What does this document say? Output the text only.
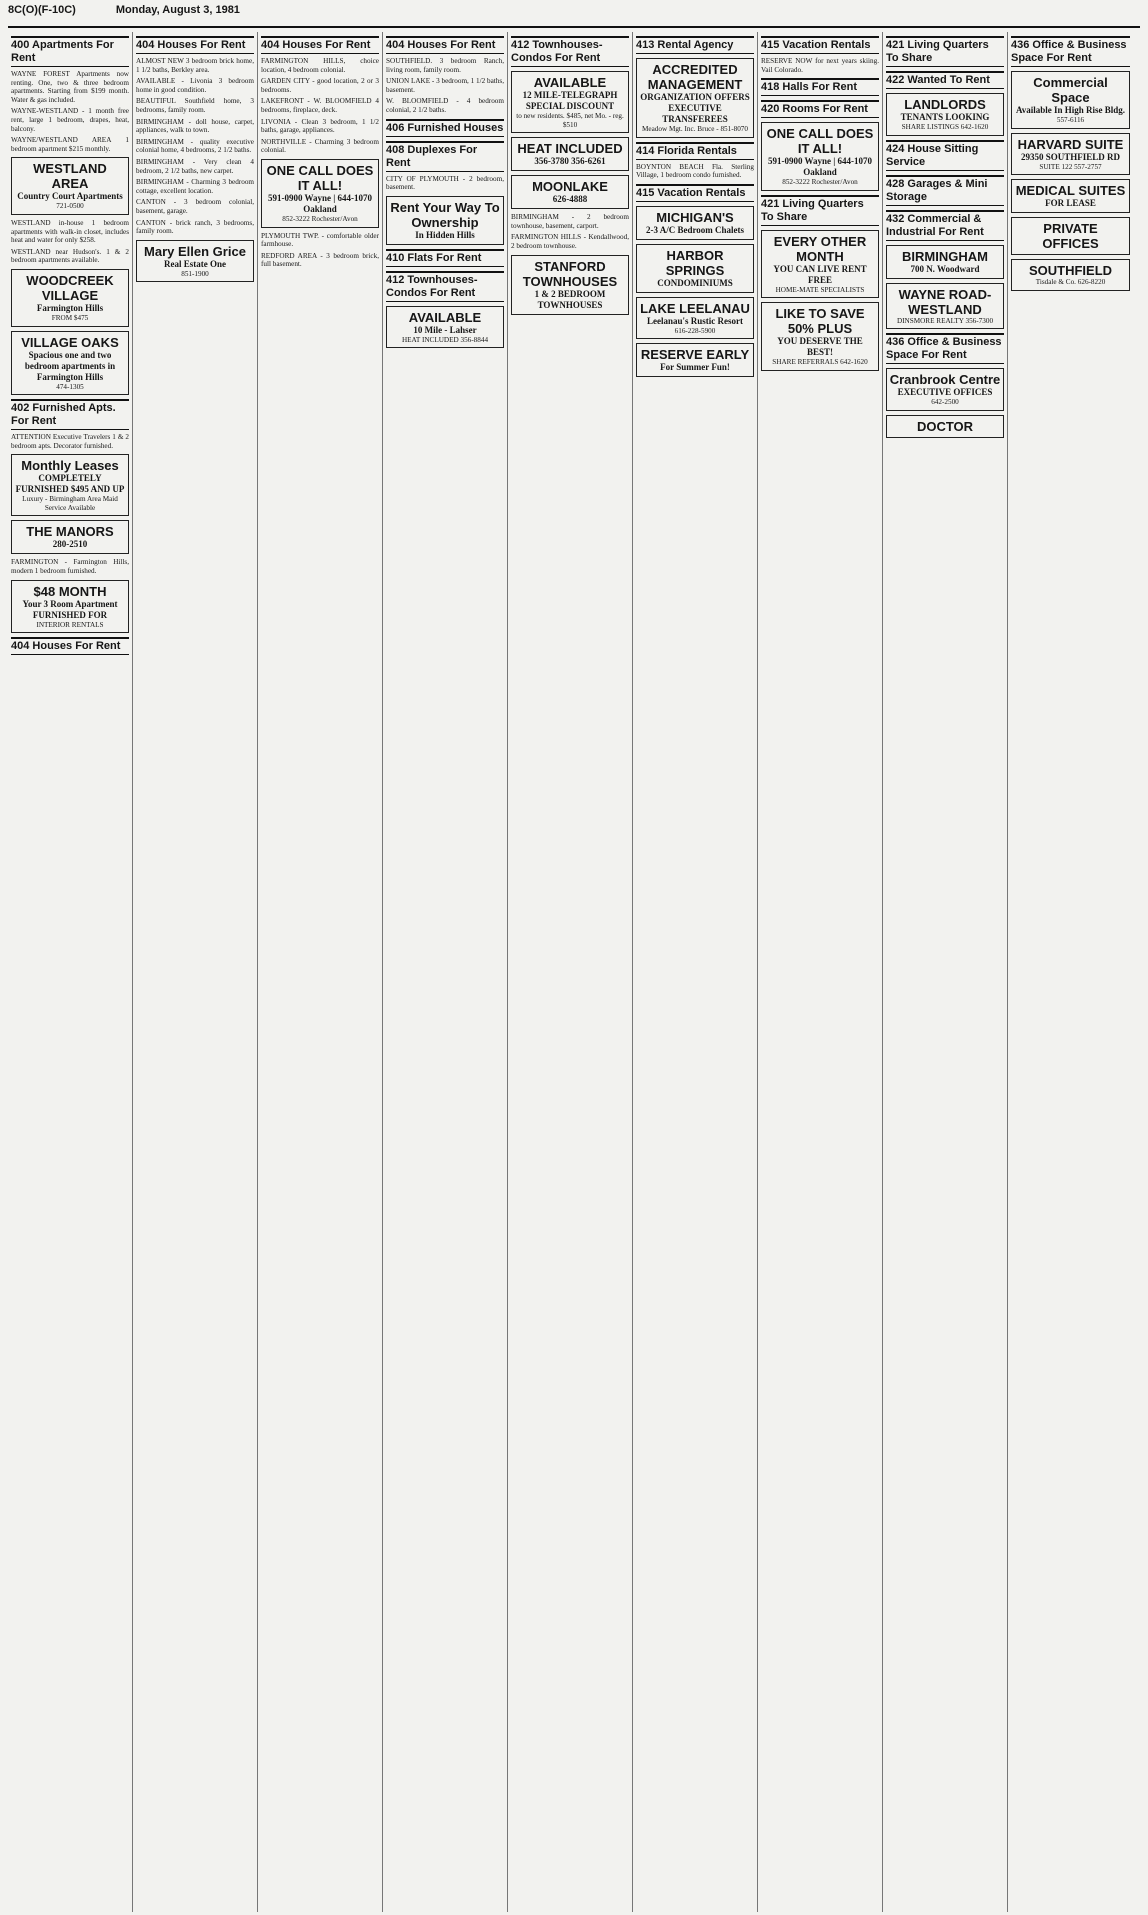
8C(O)(F-10C)	Monday, August 3, 1981
400 Apartments For Rent
WAYNE FOREST Apartments now renting. One, two & three bedroom apartments. Starting from $199 month. Water & gas included.
WAYNE-WESTLAND - 1 month free rent, large 1 bedroom, drapes, heat, balcony.
WAYNE/WESTLAND AREA 1 bedroom apartment $215 monthly.
WESTLAND AREA
Country Court Apartments
721-0500
WESTLAND in-house 1 bedroom apartments with walk-in closet, includes heat and water for only $258.
WESTLAND near Hudson's. 1 & 2 bedroom apartments available.
WOODCREEK VILLAGE
Farmington Hills
FROM $475
VILLAGE OAKS
Spacious one and two bedroom apartments in Farmington Hills
474-1305
402 Furnished Apts. For Rent
ATTENTION Executive Travelers 1 & 2 bedroom apts. Decorator furnished.
Monthly Leases
COMPLETELY FURNISHED $495 AND UP
Luxury - Birmingham Area Maid Service Available
THE MANORS
280-2510
FARMINGTON - Farmington Hills, modern 1 bedroom furnished.
$48 MONTH
Your 3 Room Apartment FURNISHED FOR
INTERIOR RENTALS
404 Houses For Rent
404 Houses For Rent
ALMOST NEW 3 bedroom brick home, 1 1/2 baths, Berkley area.
AVAILABLE - Livonia 3 bedroom home in good condition.
BEAUTIFUL Southfield home, 3 bedrooms, family room.
BIRMINGHAM - doll house, carpet, appliances, walk to town.
BIRMINGHAM - quality executive colonial home, 4 bedrooms, 2 1/2 baths.
BIRMINGHAM - Very clean 4 bedroom, 2 1/2 baths, new carpet.
BIRMINGHAM - Charming 3 bedroom cottage, excellent location.
CANTON - 3 bedroom colonial, basement, garage.
CANTON - brick ranch, 3 bedrooms, family room.
Mary Ellen Grice
Real Estate One
851-1900
404 Houses For Rent
FARMINGTON HILLS, choice location, 4 bedroom colonial.
GARDEN CITY - good location, 2 or 3 bedrooms.
LAKEFRONT - W. BLOOMFIELD 4 bedrooms, fireplace, deck.
LIVONIA - Clean 3 bedroom, 1 1/2 baths, garage, appliances.
NORTHVILLE - Charming 3 bedroom colonial.
ONE CALL DOES IT ALL!
591-0900 Wayne | 644-1070 Oakland
852-3222 Rochester/Avon
PLYMOUTH TWP. - comfortable older farmhouse.
REDFORD AREA - 3 bedroom brick, full basement.
404 Houses For Rent
SOUTHFIELD. 3 bedroom Ranch, living room, family room.
UNION LAKE - 3 bedroom, 1 1/2 baths, basement.
W. BLOOMFIELD - 4 bedroom colonial, 2 1/2 baths.
406 Furnished Houses
408 Duplexes For Rent
CITY OF PLYMOUTH - 2 bedroom, basement.
Rent Your Way To Ownership
In Hidden Hills
410 Flats For Rent
412 Townhouses-Condos For Rent
AVAILABLE
10 Mile - Lahser
HEAT INCLUDED 356-8844
412 Townhouses-Condos For Rent
AVAILABLE
12 MILE-TELEGRAPH SPECIAL DISCOUNT
to new residents. $485, net Mo. - reg. $510
HEAT INCLUDED
356-3780 356-6261
MOONLAKE
626-4888
BIRMINGHAM - 2 bedroom townhouse, basement, carport.
FARMINGTON HILLS - Kendallwood, 2 bedroom townhouse.
STANFORD TOWNHOUSES
1 & 2 BEDROOM TOWNHOUSES
413 Rental Agency
ACCREDITED MANAGEMENT
ORGANIZATION OFFERS EXECUTIVE TRANSFEREES
Meadow Mgt. Inc. Bruce - 851-8070
414 Florida Rentals
BOYNTON BEACH Fla. Sterling Village, 1 bedroom condo furnished.
415 Vacation Rentals
MICHIGAN'S
2-3 A/C Bedroom Chalets
HARBOR SPRINGS
CONDOMINIUMS
LAKE LEELANAU
Leelanau's Rustic Resort
616-228-5900
RESERVE EARLY
For Summer Fun!
415 Vacation Rentals
RESERVE NOW for next years skiing. Vail Colorado.
418 Halls For Rent
420 Rooms For Rent
ONE CALL DOES IT ALL!
591-0900 Wayne | 644-1070 Oakland
852-3222 Rochester/Avon
421 Living Quarters To Share
EVERY OTHER MONTH
YOU CAN LIVE RENT FREE
HOME-MATE SPECIALISTS
LIKE TO SAVE 50% PLUS
YOU DESERVE THE BEST!
SHARE REFERRALS 642-1620
421 Living Quarters To Share
422 Wanted To Rent
LANDLORDS
TENANTS LOOKING
SHARE LISTINGS 642-1620
424 House Sitting Service
428 Garages & Mini Storage
432 Commercial & Industrial For Rent
BIRMINGHAM
700 N. Woodward
WAYNE ROAD-WESTLAND
DINSMORE REALTY 356-7300
436 Office & Business Space For Rent
Cranbrook Centre
EXECUTIVE OFFICES
642-2500
DOCTOR
436 Office & Business Space For Rent
Commercial Space
Available In High Rise Bldg.
557-6116
HARVARD SUITE
29350 SOUTHFIELD RD
SUITE 122 557-2757
MEDICAL SUITES
FOR LEASE
PRIVATE OFFICES
SOUTHFIELD
Tisdale & Co. 626-8220
